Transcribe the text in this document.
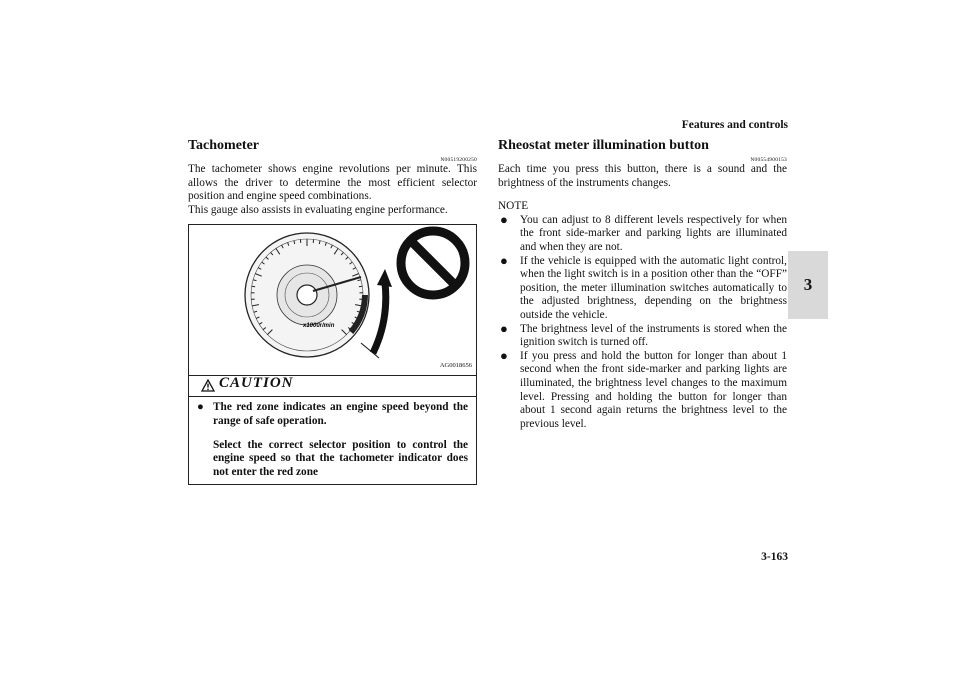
Features and controls
3
3-163
Tachometer
N00519200250

The tachometer shows engine revolutions per minute. This allows the driver to determine the most efficient selector position and engine speed combinations.

This gauge also assists in evaluating engine performance.

x1000r/min
AG0018656
CAUTION

● The red zone indicates an engine speed beyond the range of safe operation.

Select the correct selector position to control the engine speed so that the tachometer indicator does not enter the red zone

Rheostat meter illumination button
N00554900153

Each time you press this button, there is a sound and the brightness of the instruments changes.

NOTE

● You can adjust to 8 different levels respectively for when the front side-marker and parking lights are illuminated and when they are not.
● If the vehicle is equipped with the automatic light control, when the light switch is in a position other than the “OFF” position, the meter illumination switches automatically to the adjusted brightness, depending on the brightness outside the vehicle.
● The brightness level of the instruments is stored when the ignition switch is turned off.
● If you press and hold the button for longer than about 1 second when the front side-marker and parking lights are illuminated, the brightness level changes to the maximum level. Pressing and holding the button for longer than about 1 second again returns the brightness level to the previous level.
